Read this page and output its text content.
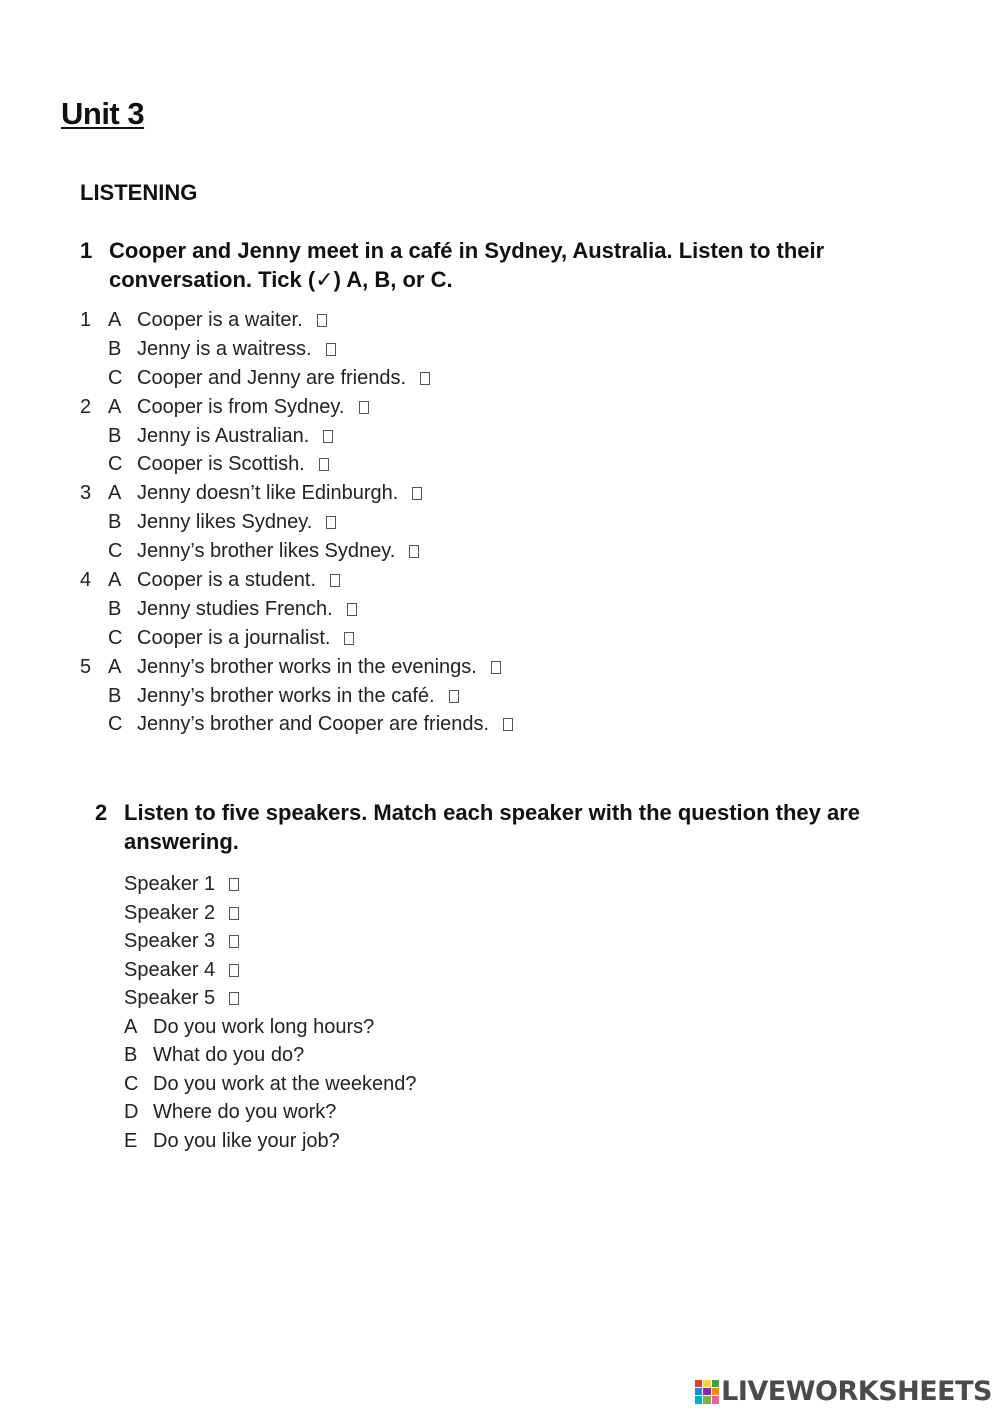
Unit 3
LISTENING
1 Cooper and Jenny meet in a café in Sydney, Australia. Listen to their conversation. Tick (✓) A, B, or C.
1 A Cooper is a waiter.
B Jenny is a waitress.
C Cooper and Jenny are friends.
2 A Cooper is from Sydney.
B Jenny is Australian.
C Cooper is Scottish.
3 A Jenny doesn’t like Edinburgh.
B Jenny likes Sydney.
C Jenny’s brother likes Sydney.
4 A Cooper is a student.
B Jenny studies French.
C Cooper is a journalist.
5 A Jenny’s brother works in the evenings.
B Jenny’s brother works in the café.
C Jenny’s brother and Cooper are friends.
2 Listen to five speakers. Match each speaker with the question they are answering.
Speaker 1
Speaker 2
Speaker 3
Speaker 4
Speaker 5
A Do you work long hours?
B What do you do?
C Do you work at the weekend?
D Where do you work?
E Do you like your job?
LIVEWORKSHEETS
